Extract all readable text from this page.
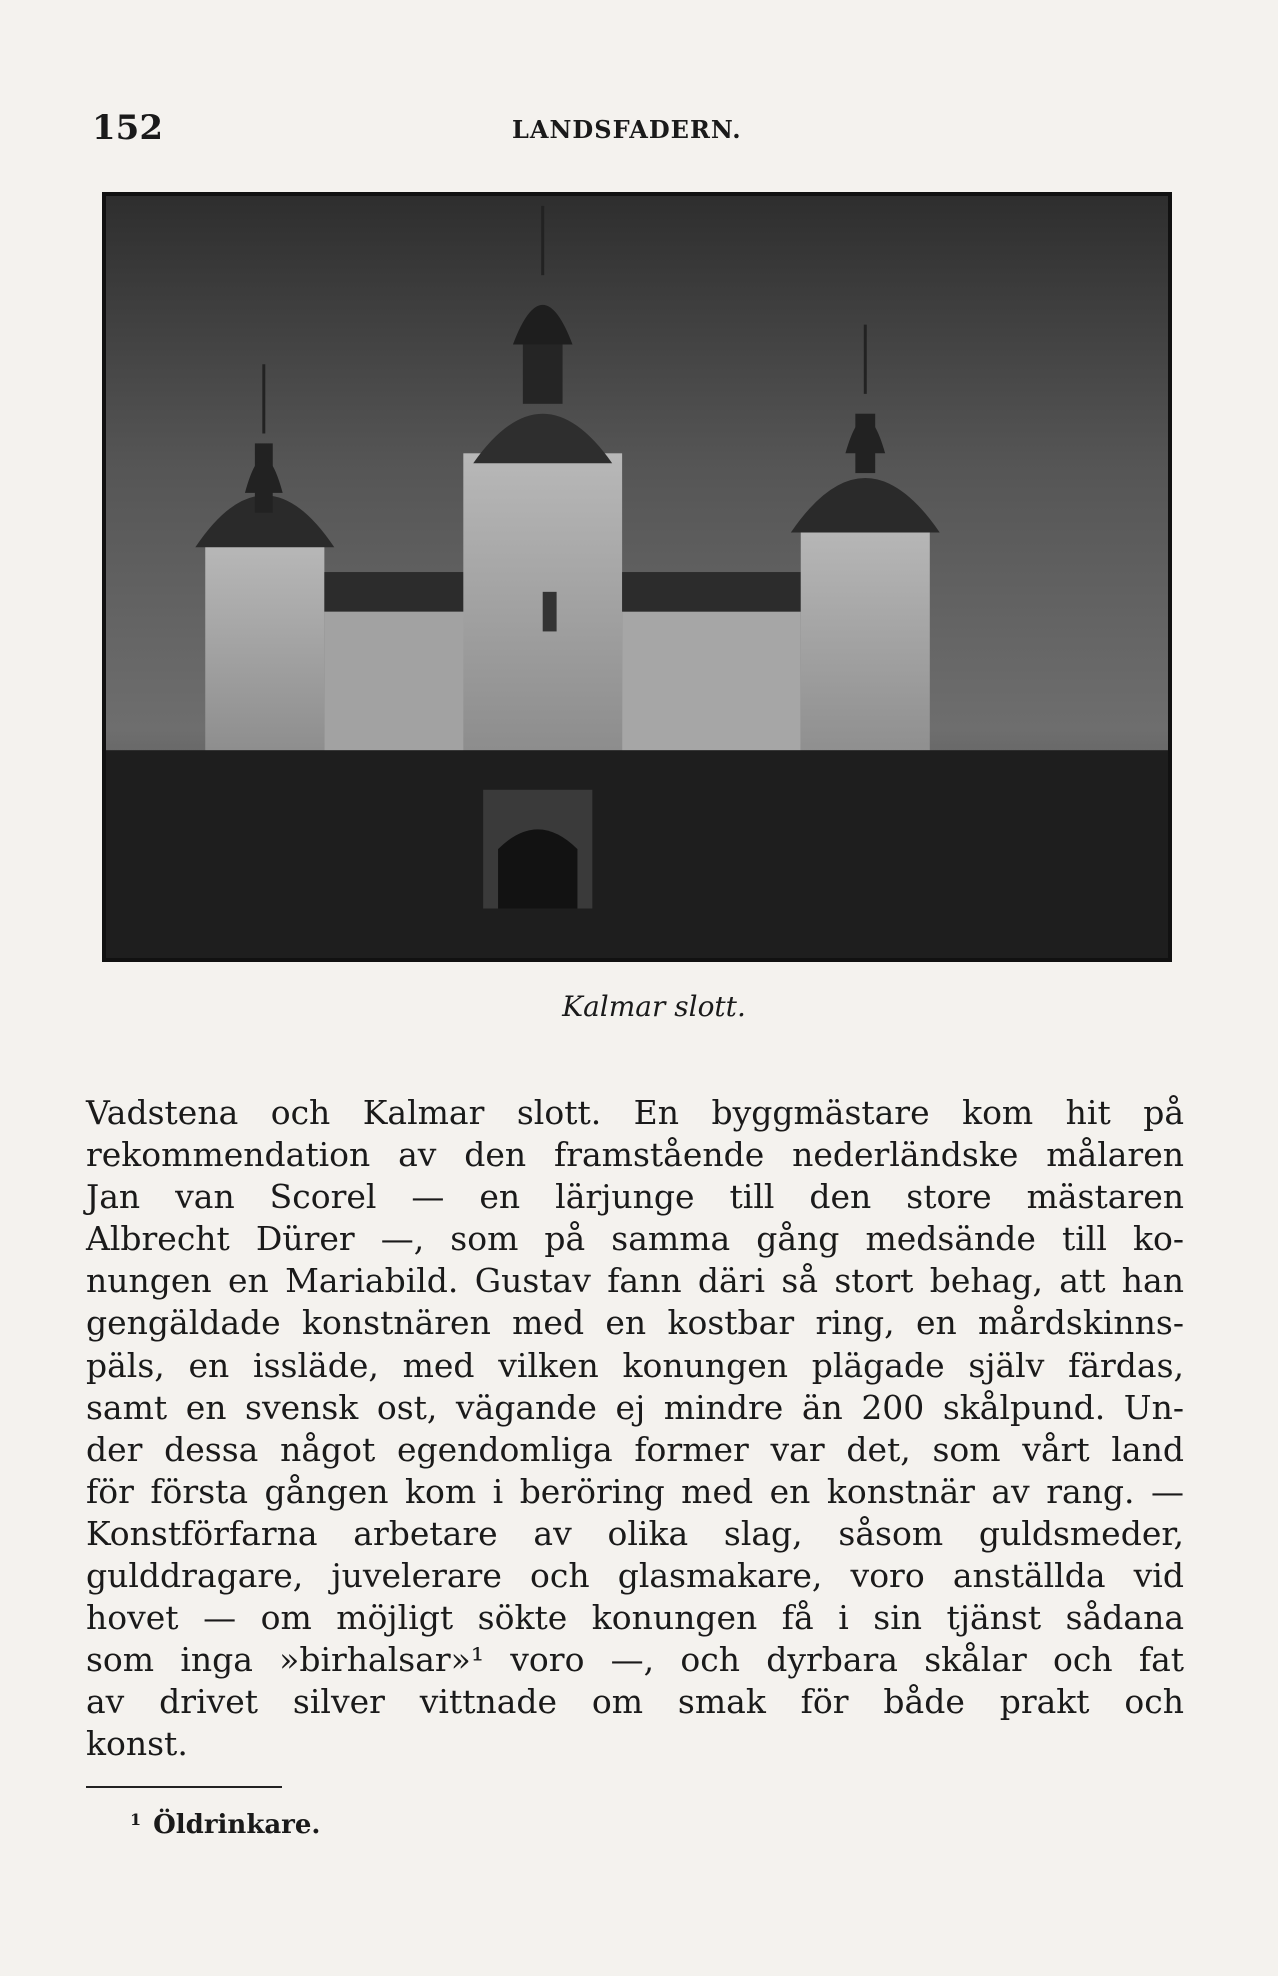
152	LANDSFADERN.
Kalmar slott.
Vadstena och Kalmar slott. En byggmästare kom hit på
rekommendation av den framstående nederländske målaren
Jan van Scorel — en lärjunge till den store mästaren
Albrecht Dürer —, som på samma gång medsände till ko-
nungen en Mariabild. Gustav fann däri så stort behag, att han
gengäldade konstnären med en kostbar ring, en mårdskinns-
päls, en issläde, med vilken konungen plägade själv färdas,
samt en svensk ost, vägande ej mindre än 200 skålpund. Un-
der dessa något egendomliga former var det, som vårt land
för första gången kom i beröring med en konstnär av rang. —
Konstförfarna arbetare av olika slag, såsom guldsmeder,
gulddragare, juvelerare och glasmakare, voro anställda vid
hovet — om möjligt sökte konungen få i sin tjänst sådana
som inga »birhalsar»¹ voro —, och dyrbara skålar och fat
av drivet silver vittnade om smak för både prakt och
konst.
$^1$ Öldrinkare.
